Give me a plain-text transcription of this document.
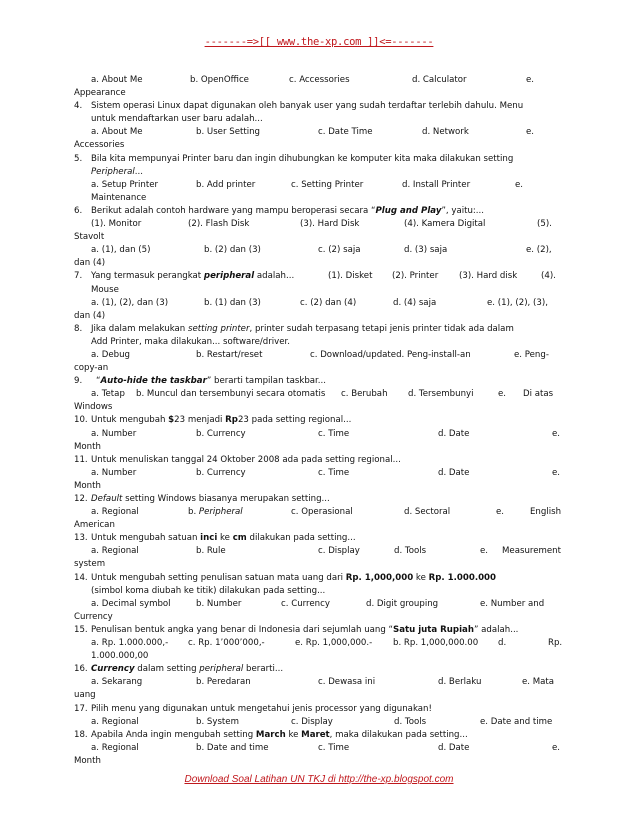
-------=>[[ www.the-xp.com ]]<=-------
a. About Me	b. OpenOffice	c. Accessories	d. Calculator	e.
Appearance
4. Sistem operasi Linux dapat digunakan oleh banyak user yang sudah terdaftar terlebih dahulu. Menu
untuk mendaftarkan user baru adalah...
a. About Me	b. User Setting	c. Date Time	d. Network	e.
Accessories
5. Bila kita mempunyai Printer baru dan ingin dihubungkan ke komputer kita maka dilakukan setting
Peripheral...
a. Setup Printer	b. Add printer	c. Setting Printer	d. Install Printer	e.
Maintenance
6. Berikut adalah contoh hardware yang mampu beroperasi secara “Plug and Play”, yaitu:...
(1). Monitor	(2). Flash Disk	(3). Hard Disk	(4). Kamera Digital	(5).
Stavolt
a. (1), dan (5)	b. (2) dan (3)	c. (2) saja	d. (3) saja	e. (2),
dan (4)
7. Yang termasuk perangkat peripheral adalah...	(1). Disket (2). Printer (3). Hard disk	(4).
Mouse
a. (1), (2), dan (3)	b. (1) dan (3)	c. (2) dan (4)	d. (4) saja	e. (1), (2), (3),
dan (4)
8. Jika dalam melakukan setting printer, printer sudah terpasang tetapi jenis printer tidak ada dalam
Add Printer, maka dilakukan... software/driver.
a. Debug	b. Restart/reset	c. Download/updated. Peng-install-an	e. Peng-
copy-an
9. “Auto-hide the taskbar” berarti tampilan taskbar...
a. Tetap b. Muncul dan tersembunyi secara otomatis c. Berubah d. Tersembunyi	e. Di atas
Windows
10. Untuk mengubah $23 menjadi Rp23 pada setting regional...
a. Number	b. Currency	c. Time	d. Date	e.
Month
11. Untuk menuliskan tanggal 24 Oktober 2008 ada pada setting regional...
a. Number	b. Currency	c. Time	d. Date	e.
Month
12. Default setting Windows biasanya merupakan setting...
a. Regional	b. Peripheral	c. Operasional	d. Sectoral	e.	English
American
13. Untuk mengubah satuan inci ke cm dilakukan pada setting...
a. Regional	b. Rule	c. Display	d. Tools	e. Measurement
system
14. Untuk mengubah setting penulisan satuan mata uang dari Rp. 1,000,000 ke Rp. 1.000.000
(simbol koma diubah ke titik) dilakukan pada setting...
a. Decimal symbol	b. Number	c. Currency	d. Digit grouping	e. Number and
Currency
15. Penulisan bentuk angka yang benar di Indonesia dari sejumlah uang “Satu juta Rupiah” adalah...
a. Rp. 1.000.000,- c. Rp. 1’000’000,-	e. Rp. 1,000,000.- b. Rp. 1,000,000.00 d.	Rp.
1.000.000,00
16. Currency dalam setting peripheral berarti...
a. Sekarang	b. Peredaran	c. Dewasa ini	d. Berlaku	e. Mata
uang
17. Pilih menu yang digunakan untuk mengetahui jenis processor yang digunakan!
a. Regional	b. System	c. Display	d. Tools	e. Date and time
18. Apabila Anda ingin mengubah setting March ke Maret, maka dilakukan pada setting...
a. Regional	b. Date and time	c. Time	d. Date	e.
Month
Download Soal Latihan UN TKJ di http://the-xp.blogspot.com
